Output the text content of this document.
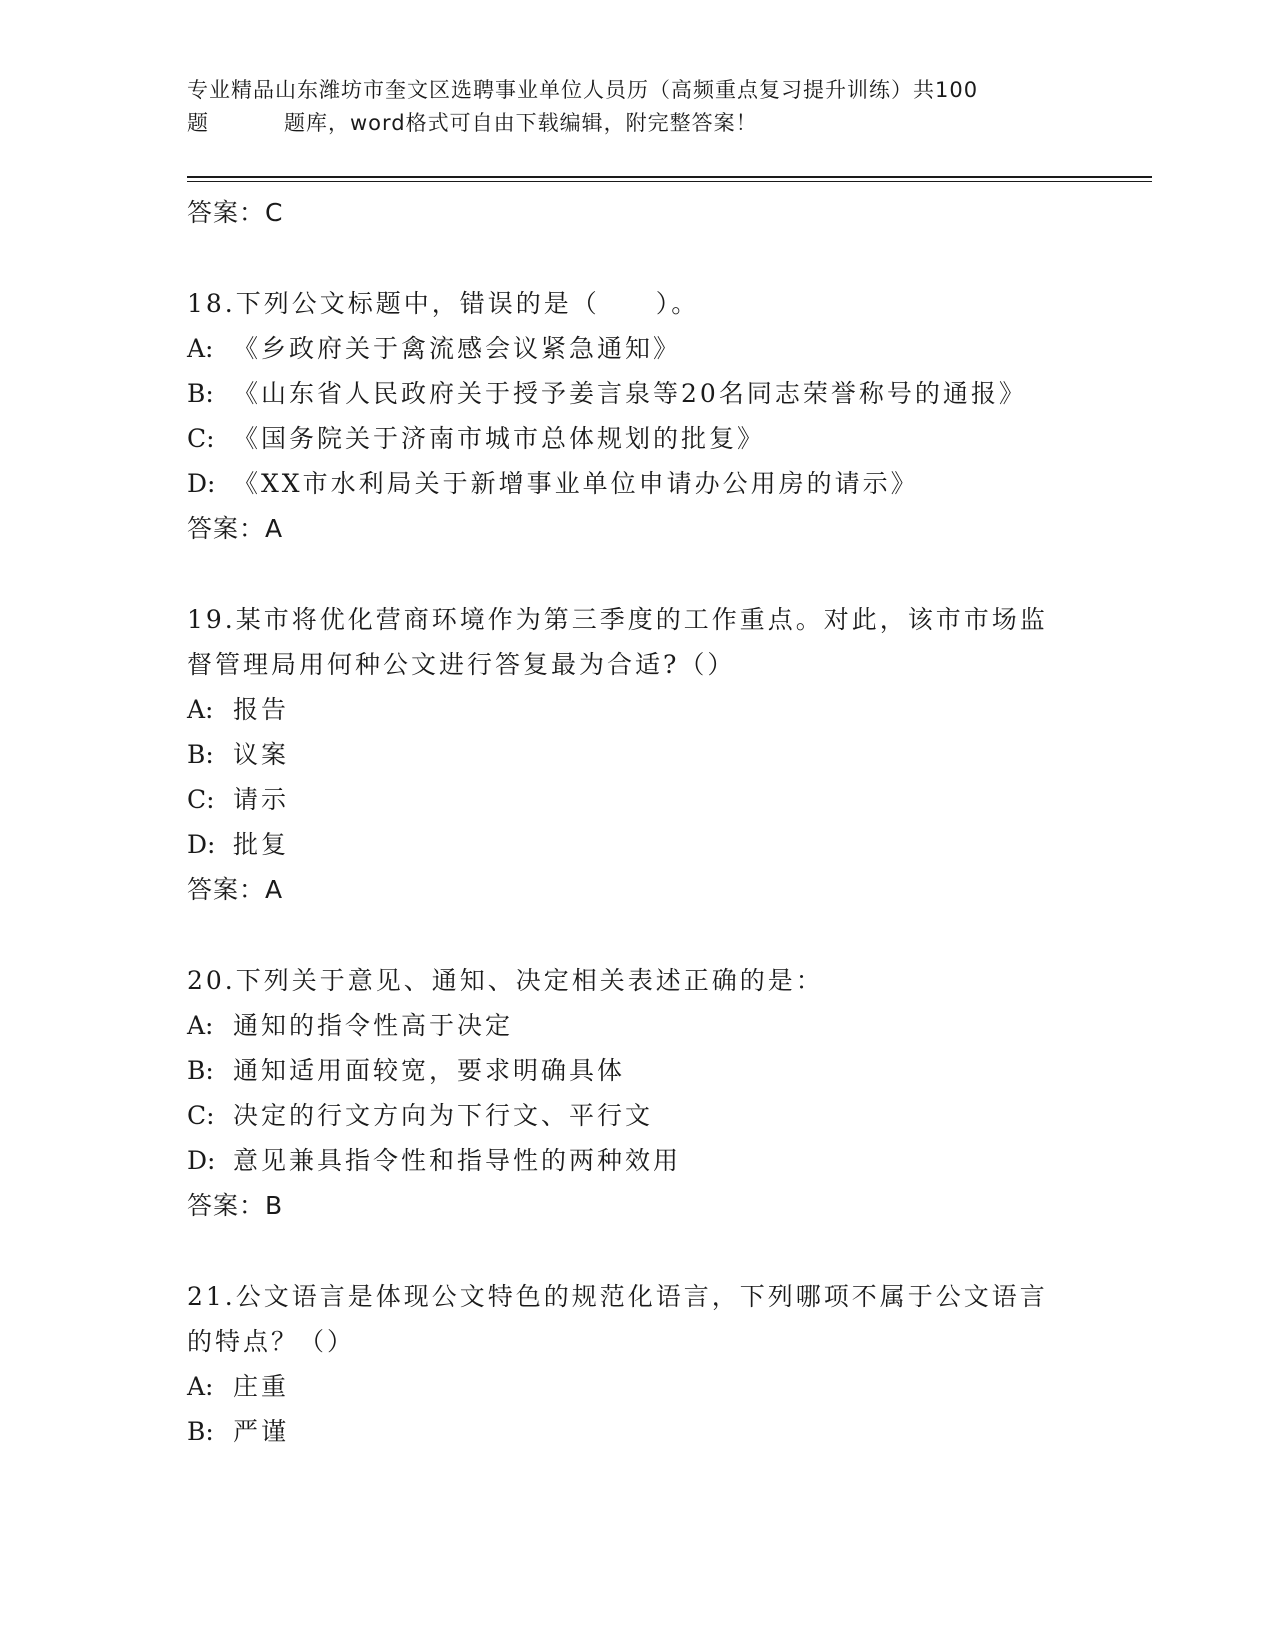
专业精品山东潍坊市奎文区选聘事业单位人员历（高频重点复习提升训练）共100
题	题库，word格式可自由下载编辑，附完整答案！
答案：C
18.下列公文标题中，错误的是（　　）。
A: 《乡政府关于禽流感会议紧急通知》
B: 《山东省人民政府关于授予姜言泉等20名同志荣誉称号的通报》
C: 《国务院关于济南市城市总体规划的批复》
D: 《XX市水利局关于新增事业单位申请办公用房的请示》
答案：A
19.某市将优化营商环境作为第三季度的工作重点。对此，该市市场监
督管理局用何种公文进行答复最为合适?（）
A: 报告
B: 议案
C: 请示
D: 批复
答案：A
20.下列关于意见、通知、决定相关表述正确的是：
A: 通知的指令性高于决定
B: 通知适用面较宽，要求明确具体
C: 决定的行文方向为下行文、平行文
D: 意见兼具指令性和指导性的两种效用
答案：B
21.公文语言是体现公文特色的规范化语言，下列哪项不属于公文语言
的特点？（）
A: 庄重
B: 严谨
